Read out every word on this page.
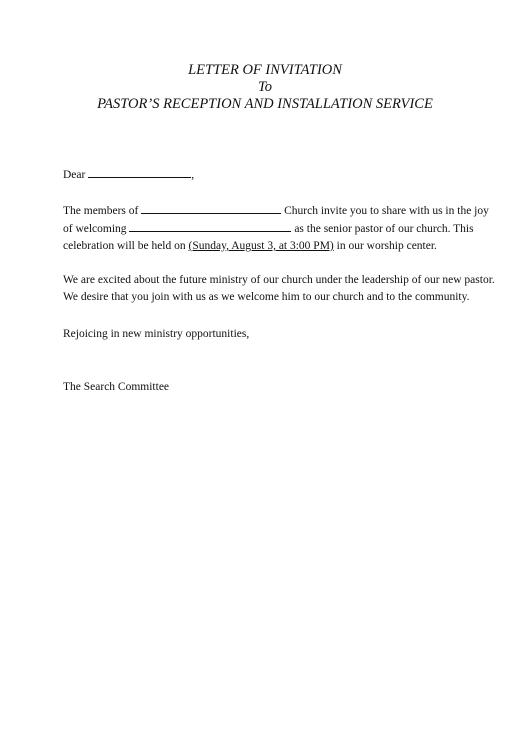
LETTER OF INVITATION
To
PASTOR’S RECEPTION AND INSTALLATION SERVICE
Dear	,
The members of	Church invite you to share with us in the joy
of welcoming	as the senior pastor of our church. This
celebration will be held on (Sunday, August 3, at 3:00 PM) in our worship center.
We are excited about the future ministry of our church under the leadership of our new pastor.
We desire that you join with us as we welcome him to our church and to the community.
Rejoicing in new ministry opportunities,
The Search Committee
